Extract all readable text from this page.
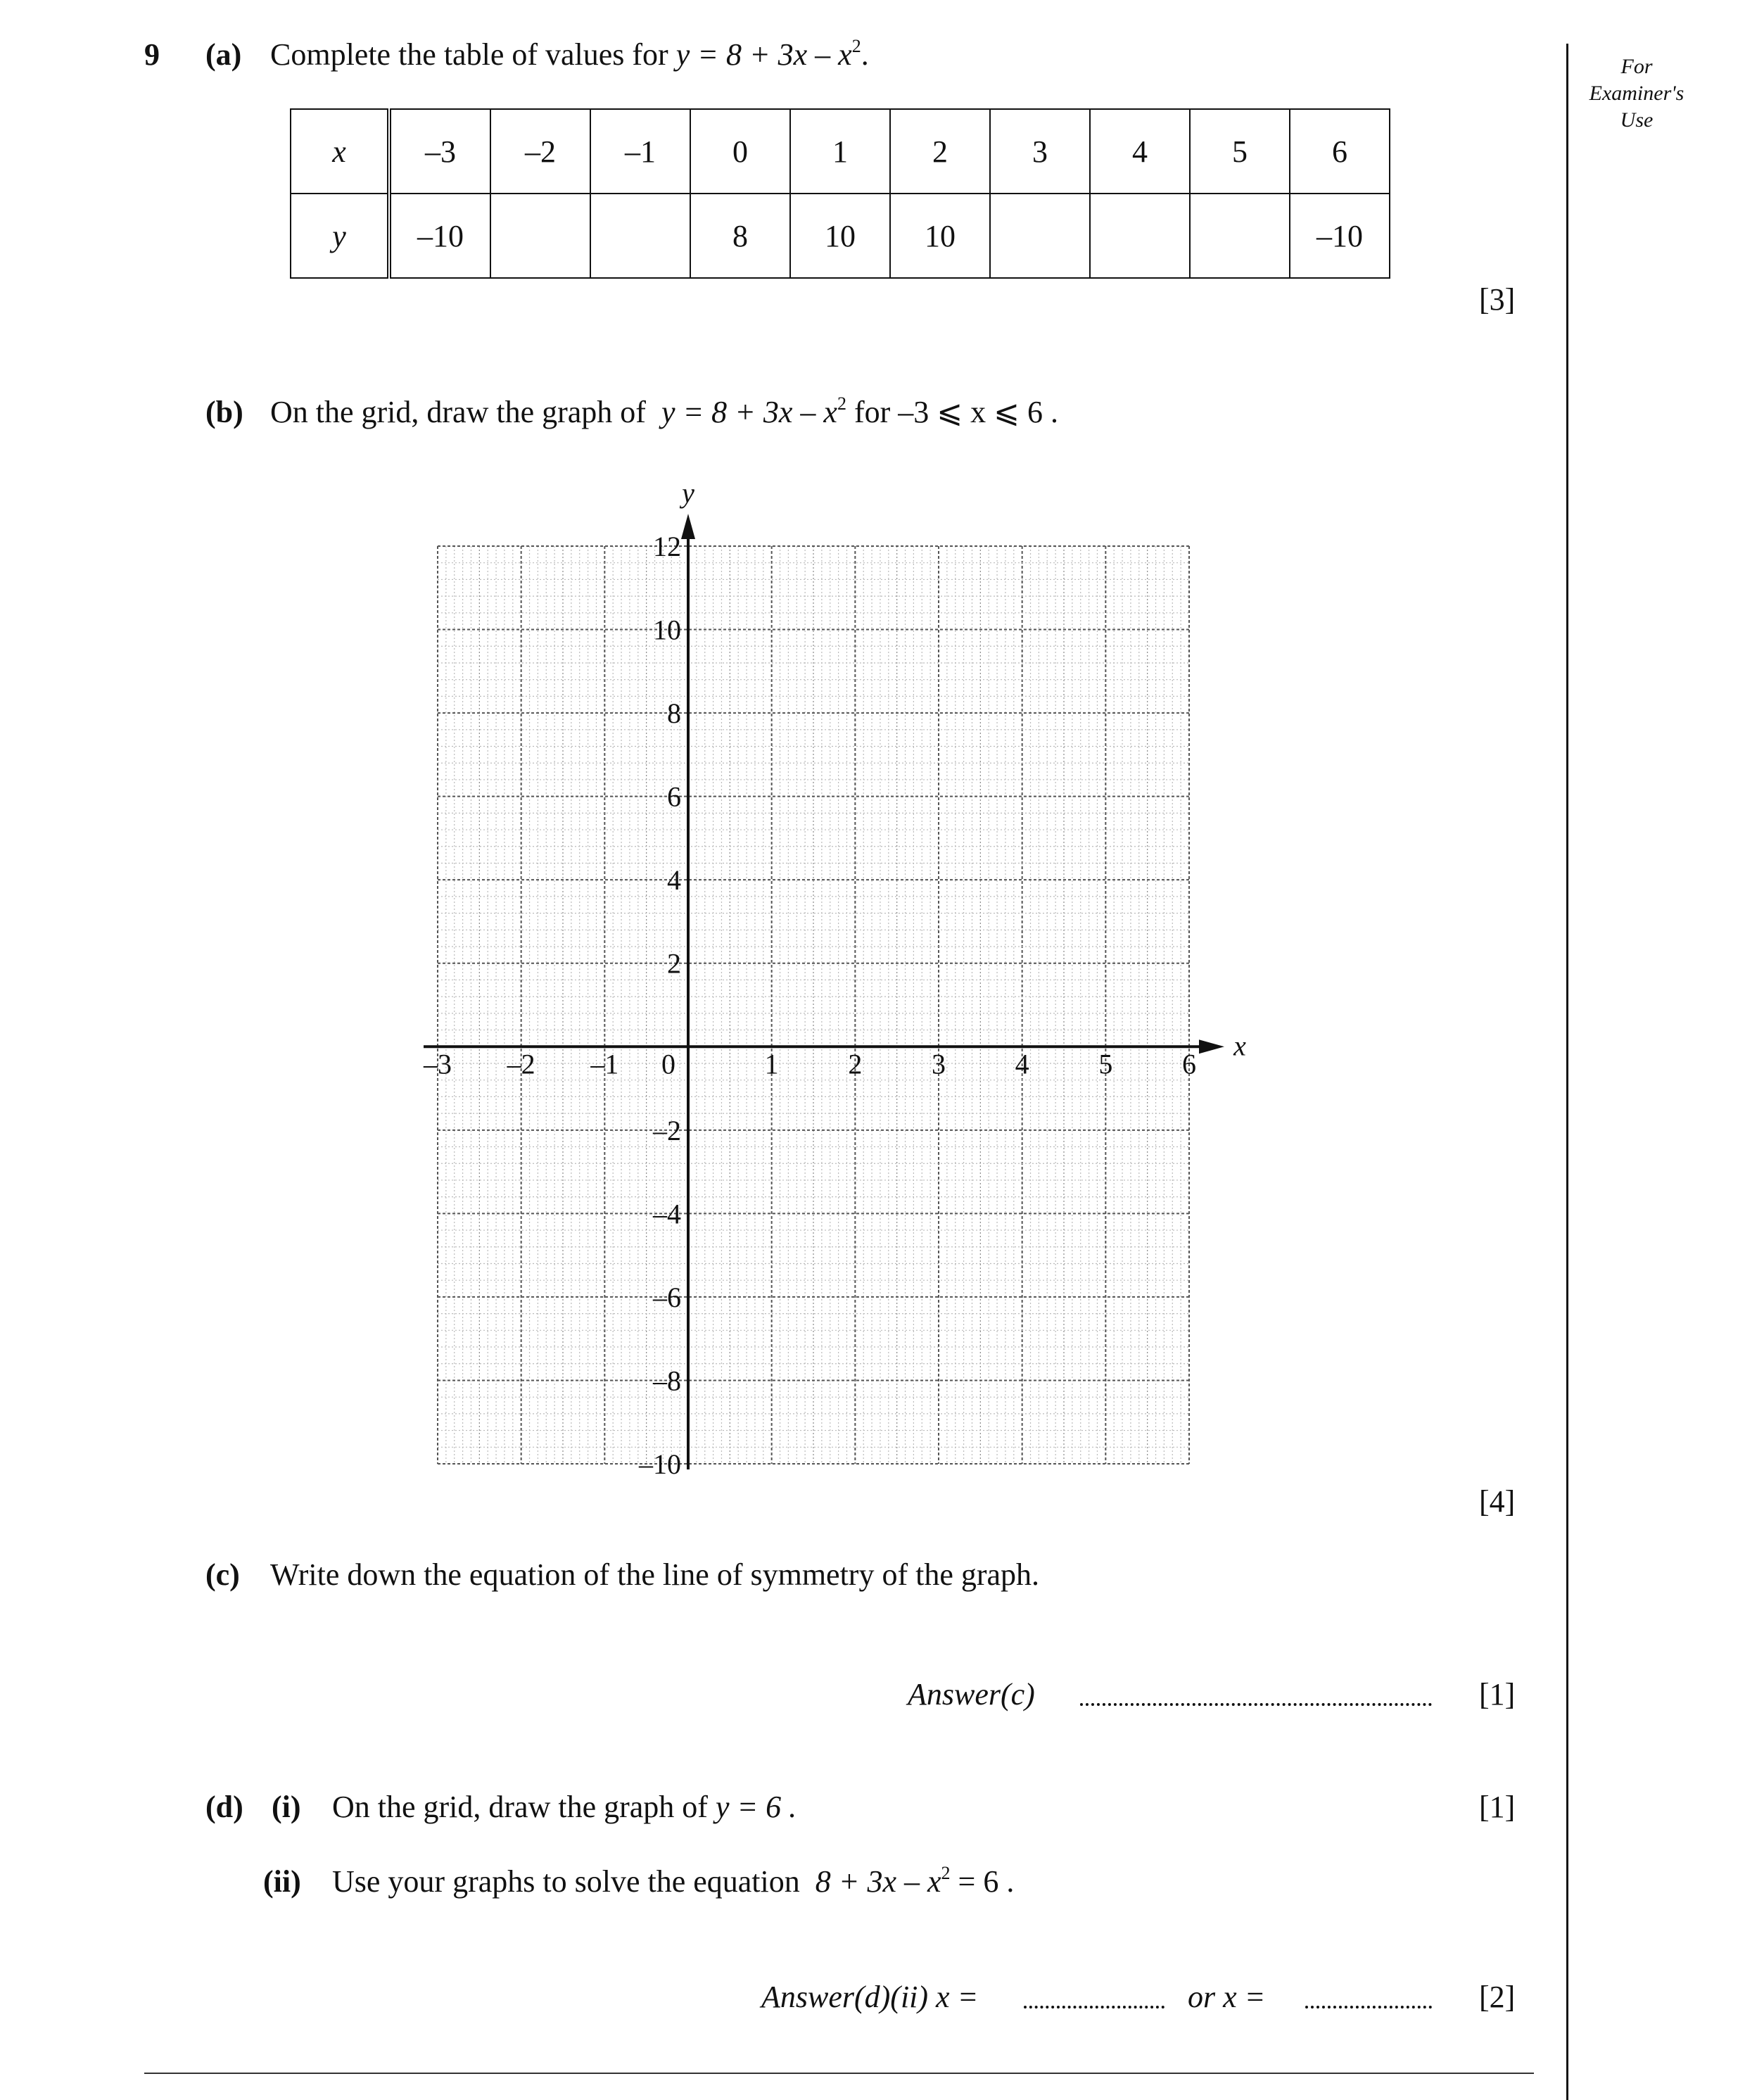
For
Examiner's
Use
9 (a) Complete the table of values for $y = 8 + 3x - x^2$.
x	–3	–2	–1	0	1	2	3	4	5	6
y	–10			8	10	10				–10
[3]
(b) On the grid, draw the graph of $y = 8 + 3x - x^2$ for –3 ⩽ x ⩽ 6 .
x
y
–3 –2 –1 0	1 2 3 4 5 6
12
10
8
6
4
2
–2
–4
–6
–8
–10
[4]
(c) Write down the equation of the line of symmetry of the graph.
Answer(c)	[1]
(d) (i) On the grid, draw the graph of y = 6 .	[1]
(ii) Use your graphs to solve the equation $8 + 3x - x^2 = 6$ .
Answer(d)(ii) x =	or x =	[2]
